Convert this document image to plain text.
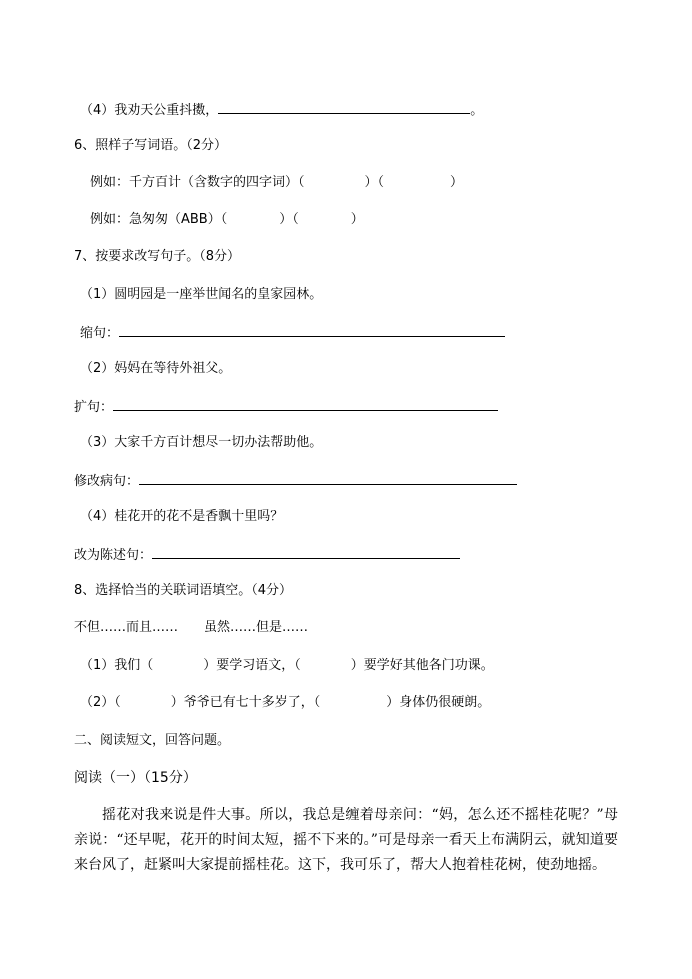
（4）我劝天公重抖擞，	。
6、照样子写词语。（2分）
例如：千方百计（含数字的四字词）（	）（	）
例如：急匆匆（ABB）（	）（	）
7、按要求改写句子。（8分）
（1）圆明园是一座举世闻名的皇家园林。
缩句：
（2）妈妈在等待外祖父。
扩句：
（3）大家千方百计想尽一切办法帮助他。
修改病句：
（4）桂花开的花不是香飘十里吗？
改为陈述句：
8、选择恰当的关联词语填空。（4分）
不但……而且…… 虽然……但是……
（1）我们（	）要学习语文，（	）要学好其他各门功课。
（2）（	）爷爷已有七十多岁了，（	）身体仍很硬朗。
二、阅读短文，回答问题。
阅读（一）（15分）
摇花对我来说是件大事。所以，我总是缠着母亲问：“妈，怎么还不摇桂花呢？”母亲说：“还早呢，花开的时间太短，摇不下来的。”可是母亲一看天上布满阴云，就知道要来台风了，赶紧叫大家提前摇桂花。这下，我可乐了，帮大人抱着桂花树，使劲地摇。
